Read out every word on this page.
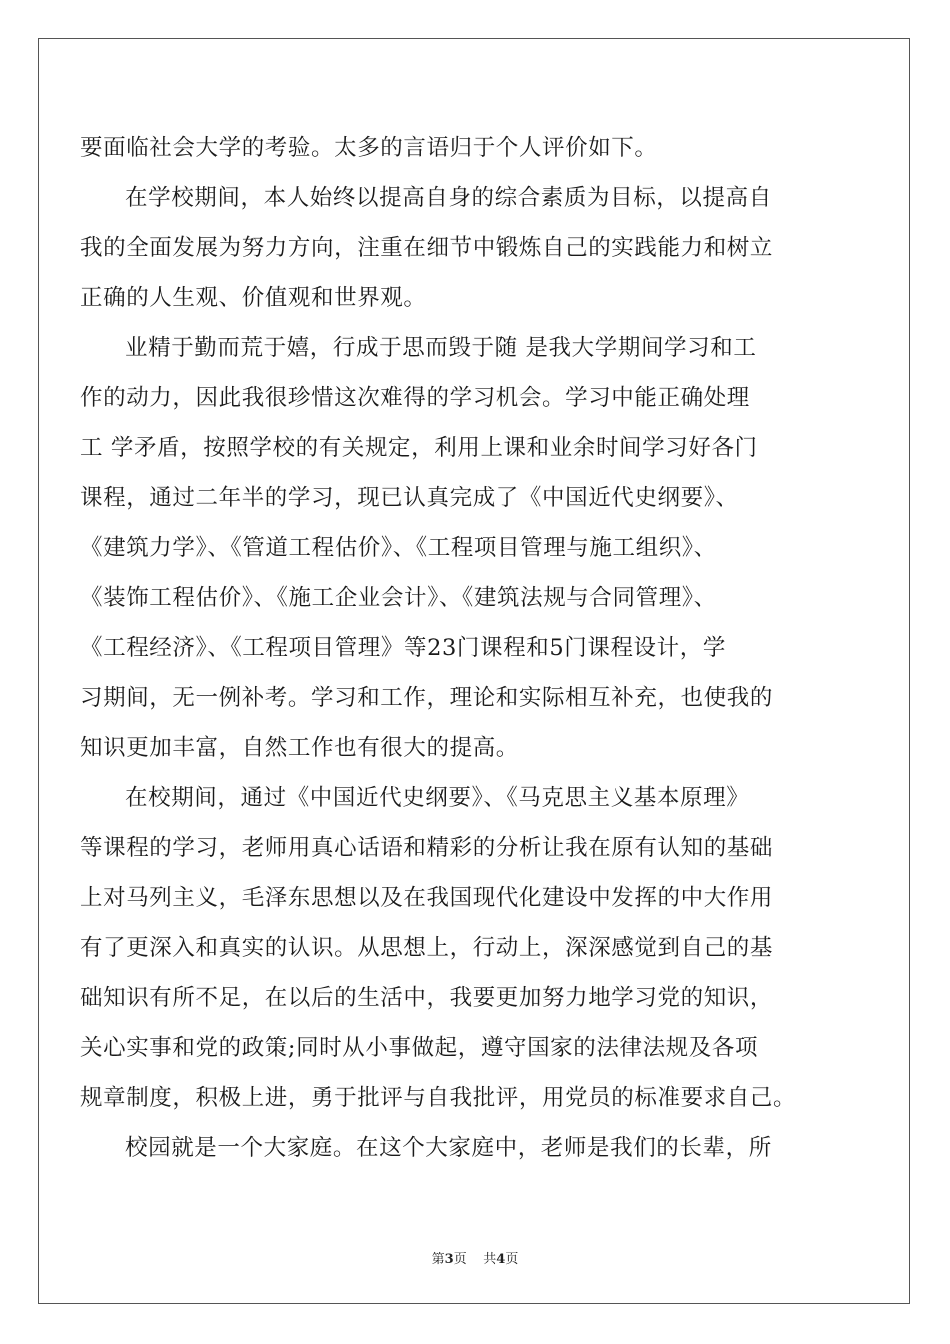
要面临社会大学的考验。太多的言语归于个人评价如下。
在学校期间，本人始终以提高自身的综合素质为目标，以提高自
我的全面发展为努力方向，注重在细节中锻炼自己的实践能力和树立
正确的人生观、价值观和世界观。
业精于勤而荒于嬉，行成于思而毁于随 是我大学期间学习和工
作的动力，因此我很珍惜这次难得的学习机会。学习中能正确处理
工 学矛盾，按照学校的有关规定，利用上课和业余时间学习好各门
课程，通过二年半的学习，现已认真完成了《中国近代史纲要》、
《建筑力学》、《管道工程估价》、《工程项目管理与施工组织》、
《装饰工程估价》、《施工企业会计》、《建筑法规与合同管理》、
《工程经济》、《工程项目管理》等23门课程和5门课程设计，学
习期间，无一例补考。学习和工作，理论和实际相互补充，也使我的
知识更加丰富，自然工作也有很大的提高。
在校期间，通过《中国近代史纲要》、《马克思主义基本原理》
等课程的学习，老师用真心话语和精彩的分析让我在原有认知的基础
上对马列主义，毛泽东思想以及在我国现代化建设中发挥的中大作用
有了更深入和真实的认识。从思想上，行动上，深深感觉到自己的基
础知识有所不足，在以后的生活中，我要更加努力地学习党的知识，
关心实事和党的政策;同时从小事做起，遵守国家的法律法规及各项
规章制度，积极上进，勇于批评与自我批评，用党员的标准要求自己。
校园就是一个大家庭。在这个大家庭中，老师是我们的长辈，所
第3页 共4页
